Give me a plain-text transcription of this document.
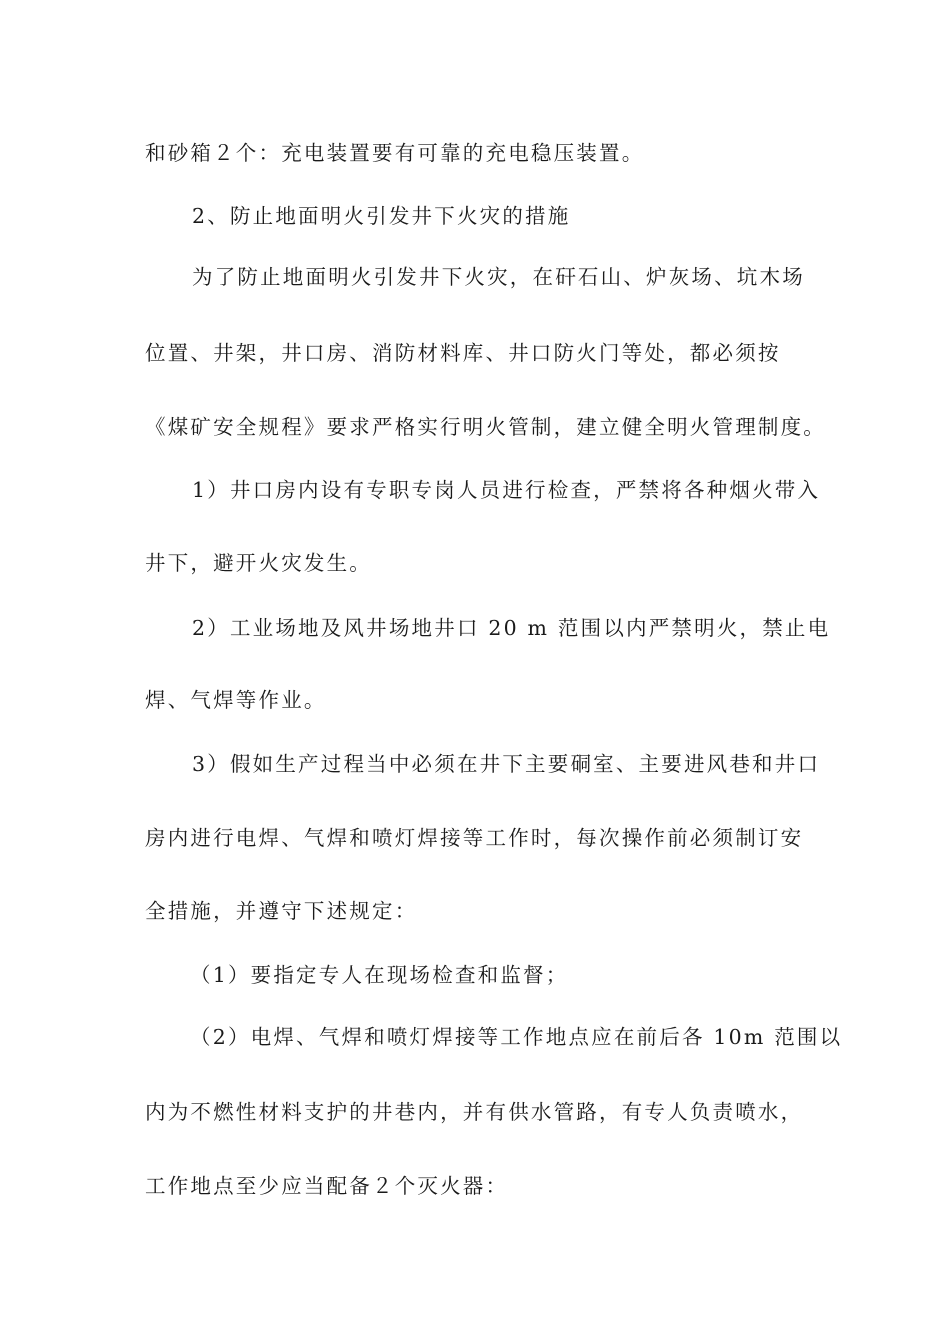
和砂箱２个：充电装置要有可靠的充电稳压装置。
2、防止地面明火引发井下火灾的措施
为了防止地面明火引发井下火灾，在矸石山、炉灰场、坑木场
位置、井架，井口房、消防材料库、井口防火门等处，都必须按
《煤矿安全规程》要求严格实行明火管制，建立健全明火管理制度。
1）井口房内设有专职专岗人员进行检查，严禁将各种烟火带入
井下，避开火灾发生。
2）工业场地及风井场地井口 20 m 范围以内严禁明火，禁止电
焊、气焊等作业。
3）假如生产过程当中必须在井下主要硐室、主要进风巷和井口
房内进行电焊、气焊和喷灯焊接等工作时，每次操作前必须制订安
全措施，并遵守下述规定：
（1）要指定专人在现场检查和监督；
（2）电焊、气焊和喷灯焊接等工作地点应在前后各 10m 范围以
内为不燃性材料支护的井巷内，并有供水管路，有专人负责喷水，
工作地点至少应当配备２个灭火器：
